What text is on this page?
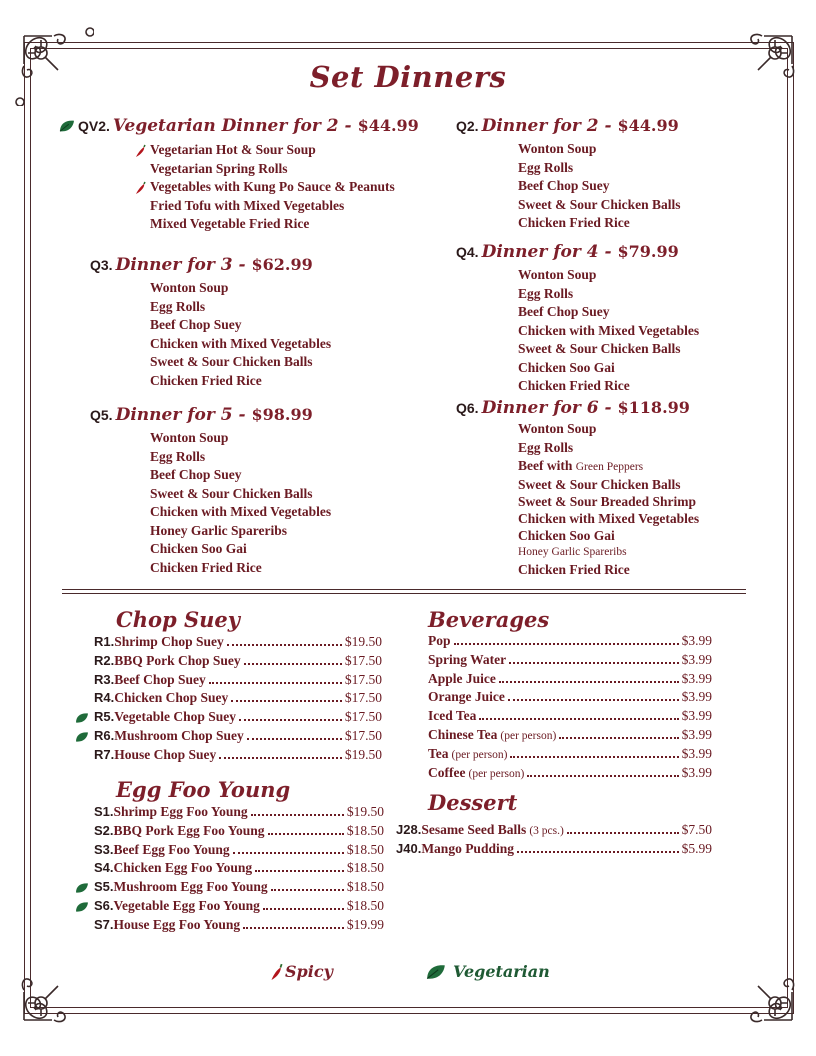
Set Dinners
QV2. Vegetarian Dinner for 2 - $44.99
Vegetarian Hot & Sour Soup
Vegetarian Spring Rolls
Vegetables with Kung Po Sauce & Peanuts
Fried Tofu with Mixed Vegetables
Mixed Vegetable Fried Rice
Q3. Dinner for 3 - $62.99
Wonton Soup
Egg Rolls
Beef Chop Suey
Chicken with Mixed Vegetables
Sweet & Sour Chicken Balls
Chicken Fried Rice
Q5. Dinner for 5 - $98.99
Wonton Soup
Egg Rolls
Beef Chop Suey
Sweet & Sour Chicken Balls
Chicken with Mixed Vegetables
Honey Garlic Spareribs
Chicken Soo Gai
Chicken Fried Rice
Q2. Dinner for 2 - $44.99
Wonton Soup
Egg Rolls
Beef Chop Suey
Sweet & Sour Chicken Balls
Chicken Fried Rice
Q4. Dinner for 4 - $79.99
Wonton Soup
Egg Rolls
Beef Chop Suey
Chicken with Mixed Vegetables
Sweet & Sour Chicken Balls
Chicken Soo Gai
Chicken Fried Rice
Q6. Dinner for 6 - $118.99
Wonton Soup
Egg Rolls
Beef with Green Peppers
Sweet & Sour Chicken Balls
Sweet & Sour Breaded Shrimp
Chicken with Mixed Vegetables
Chicken Soo Gai
Honey Garlic Spareribs
Chicken Fried Rice
Chop Suey
R1. Shrimp Chop Suey	$19.50
R2. BBQ Pork Chop Suey	$17.50
R3. Beef Chop Suey	$17.50
R4. Chicken Chop Suey	$17.50
R5. Vegetable Chop Suey	$17.50
R6. Mushroom Chop Suey	$17.50
R7. House Chop Suey	$19.50
Egg Foo Young
S1. Shrimp Egg Foo Young	$19.50
S2. BBQ Pork Egg Foo Young	$18.50
S3. Beef Egg Foo Young	$18.50
S4. Chicken Egg Foo Young	$18.50
S5. Mushroom Egg Foo Young	$18.50
S6. Vegetable Egg Foo Young	$18.50
S7. House Egg Foo Young	$19.99
Beverages
Pop	$3.99
Spring Water	$3.99
Apple Juice	$3.99
Orange Juice	$3.99
Iced Tea	$3.99
Chinese Tea (per person)	$3.99
Tea (per person)	$3.99
Coffee (per person)	$3.99
Dessert
J28. Sesame Seed Balls (3 pcs.)	$7.50
J40. Mango Pudding	$5.99
Spicy	Vegetarian
